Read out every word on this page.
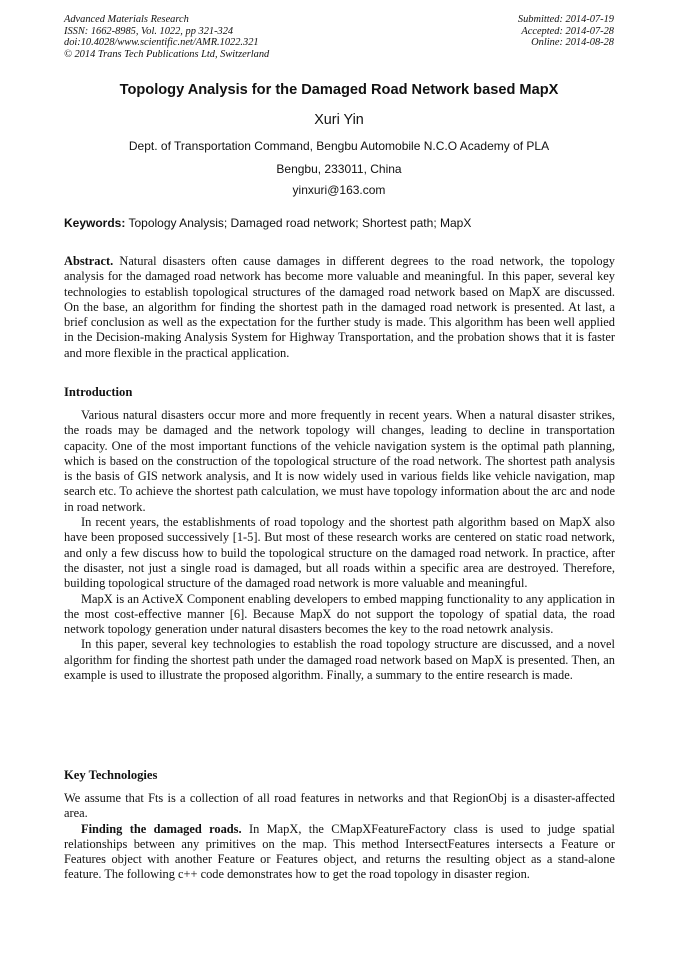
Advanced Materials Research
ISSN: 1662-8985, Vol. 1022, pp 321-324
doi:10.4028/www.scientific.net/AMR.1022.321
© 2014 Trans Tech Publications Ltd, Switzerland
Submitted: 2014-07-19
Accepted: 2014-07-28
Online: 2014-08-28
Topology Analysis for the Damaged Road Network based MapX
Xuri Yin
Dept. of Transportation Command, Bengbu Automobile N.C.O Academy of PLA
Bengbu, 233011, China
yinxuri@163.com
Keywords: Topology Analysis; Damaged road network; Shortest path; MapX

Abstract. Natural disasters often cause damages in different degrees to the road network, the topology analysis for the damaged road network has become more valuable and meaningful. In this paper, several key technologies to establish topological structures of the damaged road network based on MapX are discussed. On the base, an algorithm for finding the shortest path in the damaged road network is presented. At last, a brief conclusion as well as the expectation for the further study is made. This algorithm has been well applied in the Decision-making Analysis System for Highway Transportation, and the probation shows that it is faster and more flexible in the practical application.

Introduction

Various natural disasters occur more and more frequently in recent years. When a natural disaster strikes, the roads may be damaged and the network topology will changes, leading to decline in transportation capacity. One of the most important functions of the vehicle navigation system is the optimal path planning, which is based on the construction of the topological structure of the road network. The shortest path analysis is the basis of GIS network analysis, and It is now widely used in various fields like vehicle navigation, map search etc. To achieve the shortest path calculation, we must have topology information about the arc and node in road network.

In recent years, the establishments of road topology and the shortest path algorithm based on MapX also have been proposed successively [1-5]. But most of these research works are centered on static road network, and only a few discuss how to build the topological structure on the damaged road network. In practice, after the disaster, not just a single road is damaged, but all roads within a specific area are destroyed. Therefore, building topological structure of the damaged road network is more valuable and meaningful.

MapX is an ActiveX Component enabling developers to embed mapping functionality to any application in the most cost-effective manner [6]. Because MapX do not support the topology of spatial data, the road network topology generation under natural disasters becomes the key to the road netowrk analysis.

In this paper, several key technologies to establish the road topology structure are discussed, and a novel algorithm for finding the shortest path under the damaged road network based on MapX is presented. Then, an example is used to illustrate the proposed algorithm. Finally, a summary to the entire research is made.

Key Technologies

We assume that Fts is a collection of all road features in networks and that RegionObj is a disaster-affected area.

Finding the damaged roads. In MapX, the CMapXFeatureFactory class is used to judge spatial relationships between any primitives on the map. This method IntersectFeatures intersects a Feature or Features object with another Feature or Features object, and returns the resulting object as a stand-alone feature. The following c++ code demonstrates how to get the road topology in disaster region.
